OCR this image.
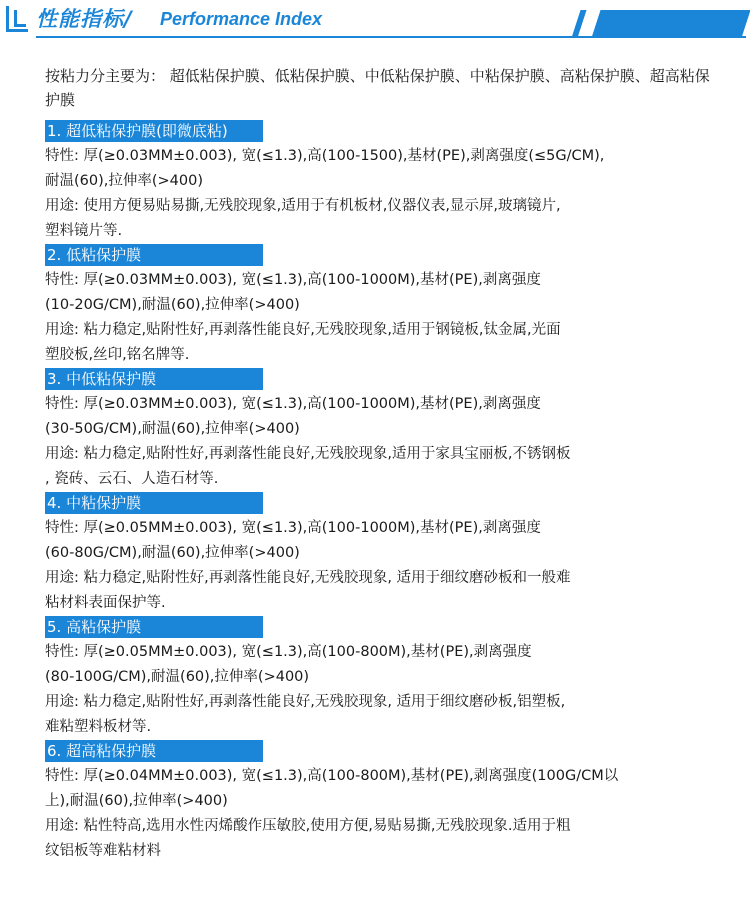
性能指标/ Performance Index
按粘力分主要为： 超低粘保护膜、低粘保护膜、中低粘保护膜、中粘保护膜、高粘保护膜、超高粘保护膜
1. 超低粘保护膜(即微底粘)
特性: 厚(≥0.03MM±0.003), 宽(≤1.3),高(100-1500),基材(PE),剥离强度(≤5G/CM),
耐温(60),拉伸率(>400)
用途: 使用方便易贴易撕,无残胶现象,适用于有机板材,仪器仪表,显示屏,玻璃镜片,
塑料镜片等.
2. 低粘保护膜
特性: 厚(≥0.03MM±0.003), 宽(≤1.3),高(100-1000M),基材(PE),剥离强度
(10-20G/CM),耐温(60),拉伸率(>400)
用途: 粘力稳定,贴附性好,再剥落性能良好,无残胶现象,适用于钢镜板,钛金属,光面
塑胶板,丝印,铭名牌等.
3. 中低粘保护膜
特性: 厚(≥0.03MM±0.003), 宽(≤1.3),高(100-1000M),基材(PE),剥离强度
(30-50G/CM),耐温(60),拉伸率(>400)
用途: 粘力稳定,贴附性好,再剥落性能良好,无残胶现象,适用于家具宝丽板,不锈钢板
, 瓷砖、云石、人造石材等.
4. 中粘保护膜
特性: 厚(≥0.05MM±0.003), 宽(≤1.3),高(100-1000M),基材(PE),剥离强度
(60-80G/CM),耐温(60),拉伸率(>400)
用途: 粘力稳定,贴附性好,再剥落性能良好,无残胶现象, 适用于细纹磨砂板和一般难
粘材料表面保护等.
5. 高粘保护膜
特性: 厚(≥0.05MM±0.003), 宽(≤1.3),高(100-800M),基材(PE),剥离强度
(80-100G/CM),耐温(60),拉伸率(>400)
用途: 粘力稳定,贴附性好,再剥落性能良好,无残胶现象, 适用于细纹磨砂板,铝塑板,
难粘塑料板材等.
6. 超高粘保护膜
特性: 厚(≥0.04MM±0.003), 宽(≤1.3),高(100-800M),基材(PE),剥离强度(100G/CM以
上),耐温(60),拉伸率(>400)
用途: 粘性特高,选用水性丙烯酸作压敏胶,使用方便,易贴易撕,无残胶现象.适用于粗
纹铝板等难粘材料
